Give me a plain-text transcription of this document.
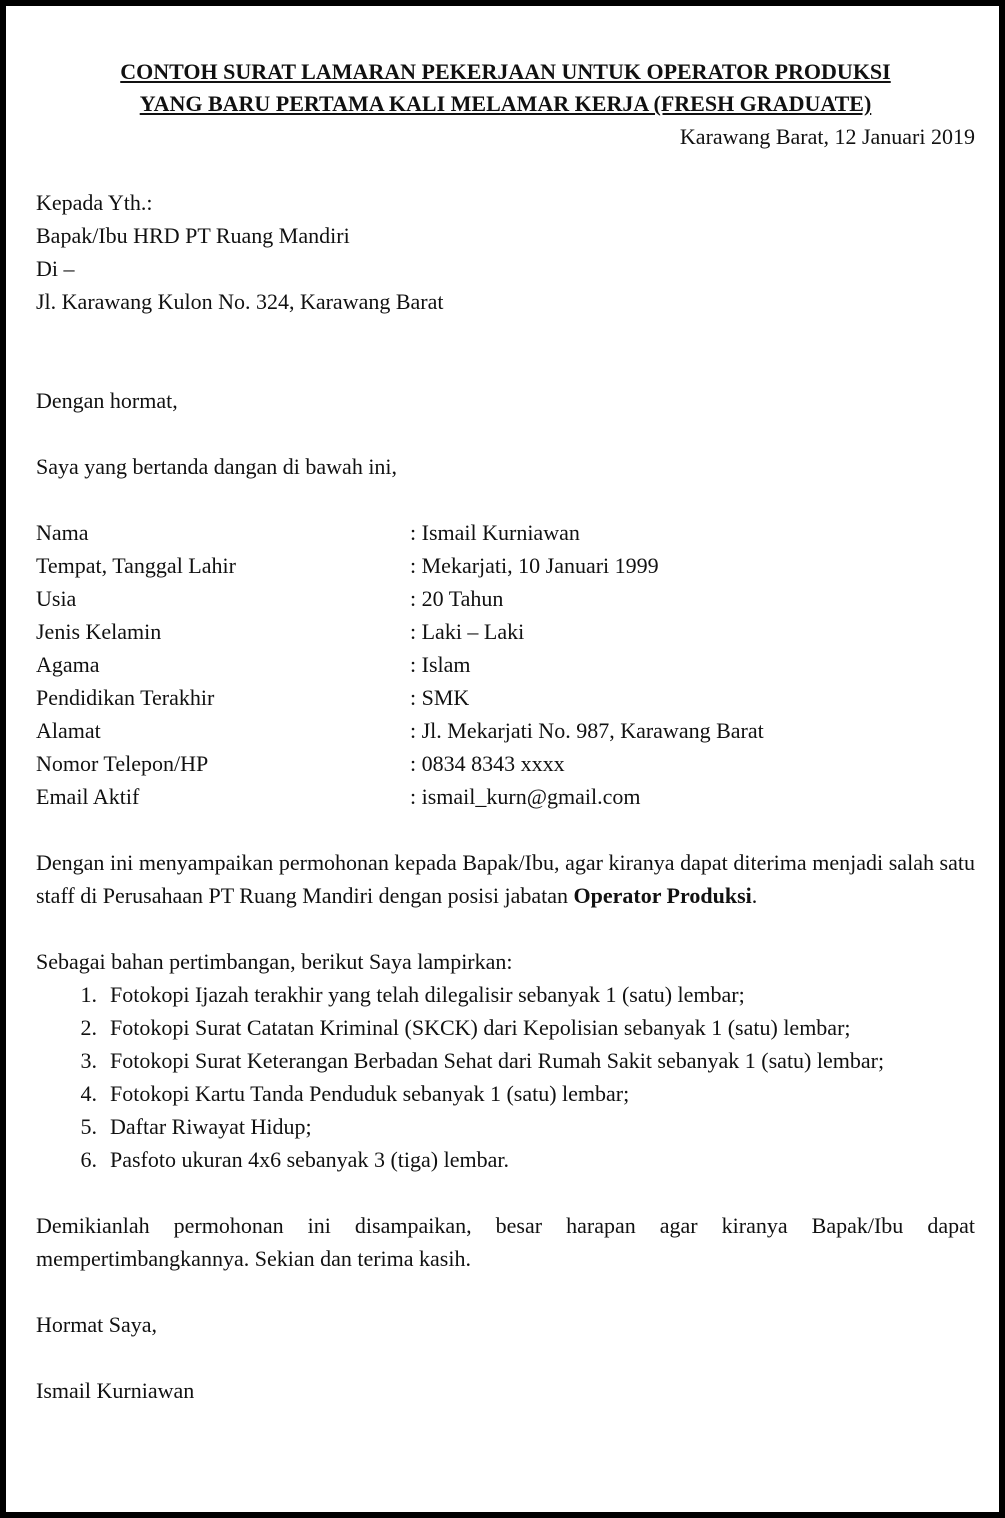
CONTOH SURAT LAMARAN PEKERJAAN UNTUK OPERATOR PRODUKSI
YANG BARU PERTAMA KALI MELAMAR KERJA (FRESH GRADUATE)
Karawang Barat, 12 Januari 2019
Kepada Yth.:
Bapak/Ibu HRD PT Ruang Mandiri
Di –
Jl. Karawang Kulon No. 324, Karawang Barat
Dengan hormat,
Saya yang bertanda dangan di bawah ini,
Nama	: Ismail Kurniawan
Tempat, Tanggal Lahir	: Mekarjati, 10 Januari 1999
Usia	: 20 Tahun
Jenis Kelamin	: Laki – Laki
Agama	: Islam
Pendidikan Terakhir	: SMK
Alamat	: Jl. Mekarjati No. 987, Karawang Barat
Nomor Telepon/HP	: 0834 8343 xxxx
Email Aktif	: ismail_kurn@gmail.com
Dengan ini menyampaikan permohonan kepada Bapak/Ibu, agar kiranya dapat diterima menjadi salah satu staff di Perusahaan PT Ruang Mandiri dengan posisi jabatan Operator Produksi.
Sebagai bahan pertimbangan, berikut Saya lampirkan:
1. Fotokopi Ijazah terakhir yang telah dilegalisir sebanyak 1 (satu) lembar;
2. Fotokopi Surat Catatan Kriminal (SKCK) dari Kepolisian sebanyak 1 (satu) lembar;
3. Fotokopi Surat Keterangan Berbadan Sehat dari Rumah Sakit sebanyak 1 (satu) lembar;
4. Fotokopi Kartu Tanda Penduduk sebanyak 1 (satu) lembar;
5. Daftar Riwayat Hidup;
6. Pasfoto ukuran 4x6 sebanyak 3 (tiga) lembar.
Demikianlah permohonan ini disampaikan, besar harapan agar kiranya Bapak/Ibu dapat mempertimbangkannya. Sekian dan terima kasih.
Hormat Saya,
Ismail Kurniawan
